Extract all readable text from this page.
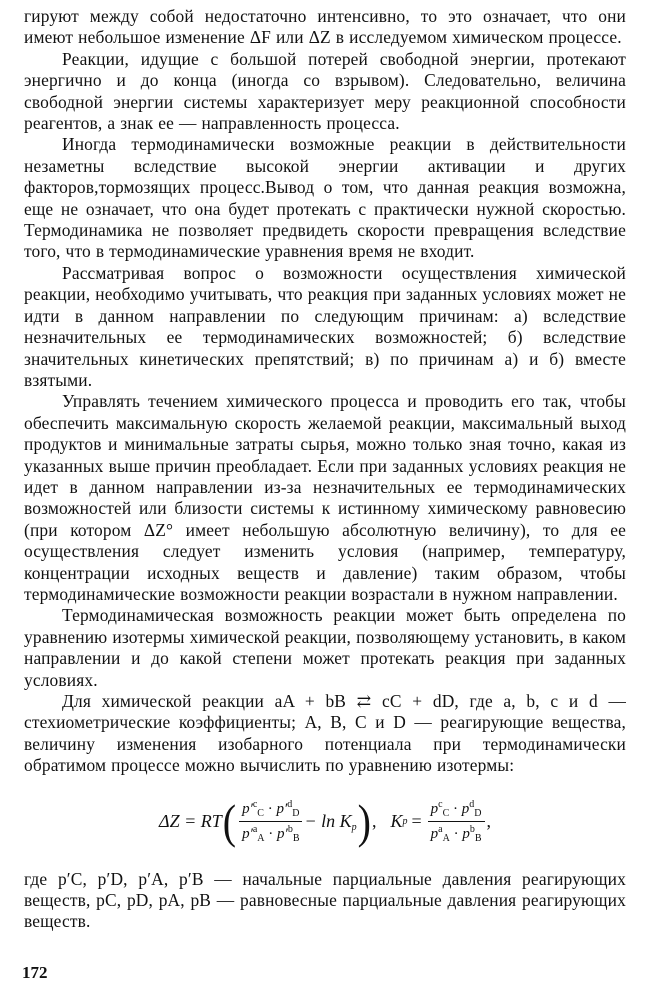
гируют между собой недостаточно интенсивно, то это означает, что они имеют небольшое изменение ΔF или ΔZ в исследуемом химическом процессе.

Реакции, идущие с большой потерей свободной энергии, протекают энергично и до конца (иногда со взрывом). Следовательно, величина свободной энергии системы характеризует меру реакционной способности реагентов, а знак ее — направленность процесса.

Иногда термодинамически возможные реакции в действительности незаметны вследствие высокой энергии активации и других факторов,тормозящих процесс.Вывод о том, что данная реакция возможна, еще не означает, что она будет протекать с практически нужной скоростью. Термодинамика не позволяет предвидеть скорости превращения вследствие того, что в термодинамические уравнения время не входит.

Рассматривая вопрос о возможности осуществления химической реакции, необходимо учитывать, что реакция при заданных условиях может не идти в данном направлении по следующим причинам: а) вследствие незначительных ее термодинамических возможностей; б) вследствие значительных кинетических препятствий; в) по причинам а) и б) вместе взятыми.

Управлять течением химического процесса и проводить его так, чтобы обеспечить максимальную скорость желаемой реакции, максимальный выход продуктов и минимальные затраты сырья, можно только зная точно, какая из указанных выше причин преобладает. Если при заданных условиях реакция не идет в данном направлении из-за незначительных ее термодинамических возможностей или близости системы к истинному химическому равновесию (при котором ΔZ° имеет небольшую абсолютную величину), то для ее осуществления следует изменить условия (например, температуру, концентрации исходных веществ и давление) таким образом, чтобы термодинамические возможности реакции возрастали в нужном направлении.

Термодинамическая возможность реакции может быть определена по уравнению изотермы химической реакции, позволяющему установить, в каком направлении и до какой степени может протекать реакция при заданных условиях.

Для химической реакции aA + bB ⇄ cC + dD, где a, b, c и d — стехиометрические коэффициенты; А, В, С и D — реагирующие вещества, величину изменения изобарного потенциала при термодинамически обратимом процессе можно вычислить по уравнению изотермы:

ΔZ = RT ( $\frac{p'^c_C \cdot p'^d_D}{p'^a_A \cdot p'^b_B} - \ln K_p$ ) , K $p = \frac{p^c_C \cdot p^d_D}{p^a_A \cdot p^b_B}$ ,

где p′C, p′D, p′A, p′B — начальные парциальные давления реагирующих веществ, pC, pD, pA, pB — равновесные парциальные давления реагирующих веществ.

172
